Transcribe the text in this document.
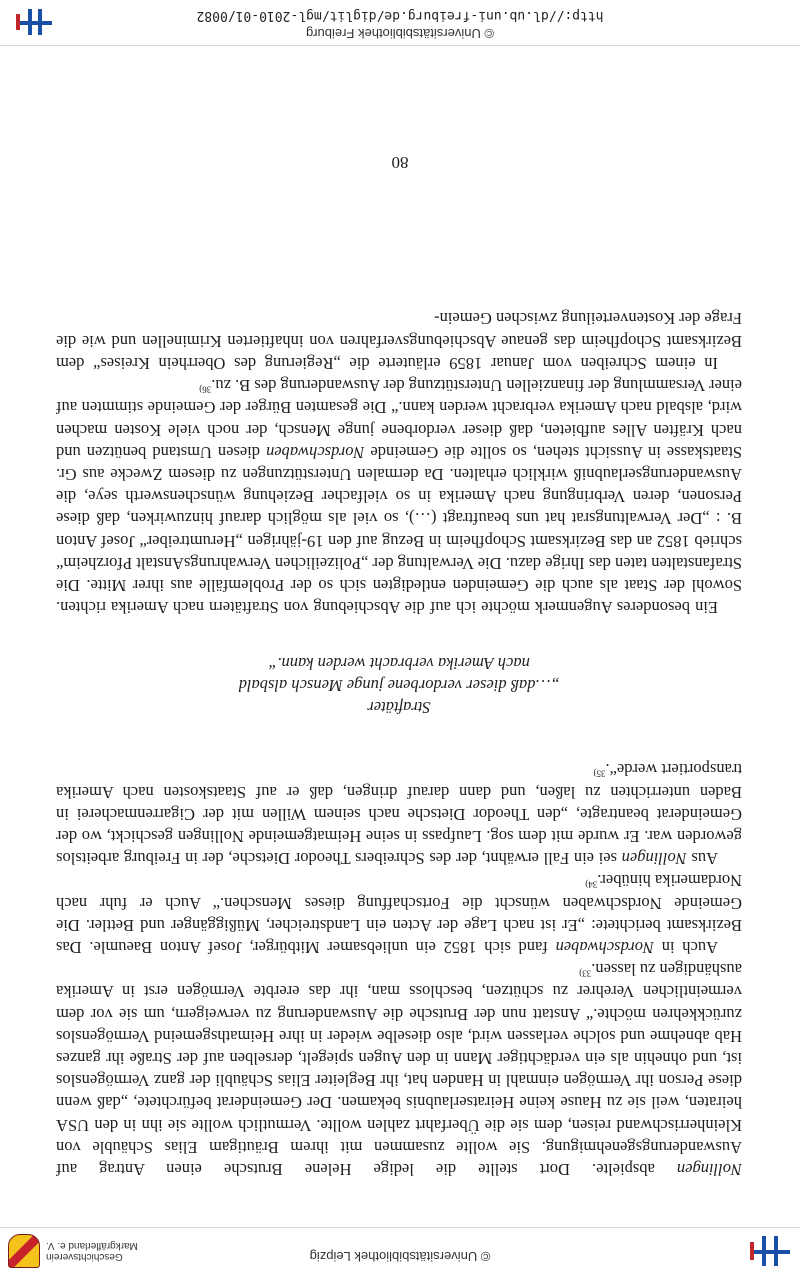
© Universitätsbibliothek Leipzig
Geschichtsverein
Markgräflerland e. V.

Nollingen abspielte. Dort stellte die ledige Helene Brutsche einen Antrag auf Auswanderungsgenehmigung. Sie wollte zusammen mit ihrem Bräutigam Elias Schäuble von Kleinherrischwand reisen, dem sie die Überfahrt zahlen wollte. Vermutlich wollte sie ihn in den USA heiraten, weil sie zu Hause keine Heiratserlaubnis bekamen. Der Gemeinderat befürchtete, „daß wenn diese Person ihr Vermögen einmahl in Handen hat, ihr Begleiter Elias Schäubli der ganz Vermögenslos ist, und ohnehin als ein verdächtiger Mann in den Augen spiegelt, derselben auf der Straße ihr ganzes Hab abnehme und solche verlassen wird, also dieselbe wieder in ihre Heimathsgemeind Vermögenslos zurückkehren möchte.“ Anstatt nun der Brutsche die Auswanderung zu verweigern, um sie vor dem vermeintlichen Verehrer zu schützen, beschloss man, ihr das ererbte Vermögen erst in Amerika aushändigen zu lassen.$^{33)}$

Auch in Nordschwaben fand sich 1852 ein unliebsamer Mitbürger, Josef Anton Baeumle. Das Bezirksamt berichtete: „Er ist nach Lage der Acten ein Landstreicher, Müßiggänger und Bettler. Die Gemeinde Nordschwaben wünscht die Fortschaffung dieses Menschen.“ Auch er fuhr nach Nordamerika hinüber.$^{34)}$

Aus Nollingen sei ein Fall erwähnt, der des Schreibers Theodor Dietsche, der in Freiburg arbeitslos geworden war. Er wurde mit dem sog. Laufpass in seine Heimatgemeinde Nollingen geschickt, wo der Gemeinderat beantragte, „den Theodor Dietsche nach seinem Willen mit der Cigarrenmacherei in Baden unterrichten zu laßen, und dann darauf dringen, daß er auf Staatskosten nach Amerika transportiert werde“.$^{35)}$

Straftäter
„…daß dieser verdorbene junge Mensch alsbald
nach Amerika verbracht werden kann.“

Ein besonderes Augenmerk möchte ich auf die Abschiebung von Straftätern nach Amerika richten. Sowohl der Staat als auch die Gemeinden entledigten sich so der Problemfälle aus ihrer Mitte. Die Strafanstalten taten das Ihrige dazu. Die Verwaltung der „Polizeilichen VerwahrungsAnstalt Pforzheim“ schrieb 1852 an das Bezirksamt Schopfheim in Bezug auf den 19-jährigen „Herumtreiber“ Josef Anton B. : „Der Verwaltungsrat hat uns beauftragt (…), so viel als möglich darauf hinzuwirken, daß diese Personen, deren Verbringung nach Amerika in so vielfacher Beziehung wünschenswerth seye, die Auswanderungserlaubniß wirklich erhalten. Da dermalen Unterstützungen zu diesem Zwecke aus Gr. Staatskasse in Aussicht stehen, so sollte die Gemeinde Nordschwaben diesen Umstand benützen und nach Kräften Alles aufbieten, daß dieser verdorbene junge Mensch, der noch viele Kosten machen wird, alsbald nach Amerika verbracht werden kann.“ Die gesamten Bürger der Gemeinde stimmten auf einer Versammlung der finanziellen Unterstützung der Auswanderung des B. zu.$^{36)}$

In einem Schreiben vom Januar 1859 erläuterte die „Regierung des Oberrhein Kreises“ dem Bezirksamt Schopfheim das genaue Abschiebungsverfahren von inhaftierten Kriminellen und wie die Frage der Kostenverteilung zwischen Gemein-

80
© Universitätsbibliothek Freiburg
http://dl.ub.uni-freiburg.de/diglit/mgl-2010-01/0082
